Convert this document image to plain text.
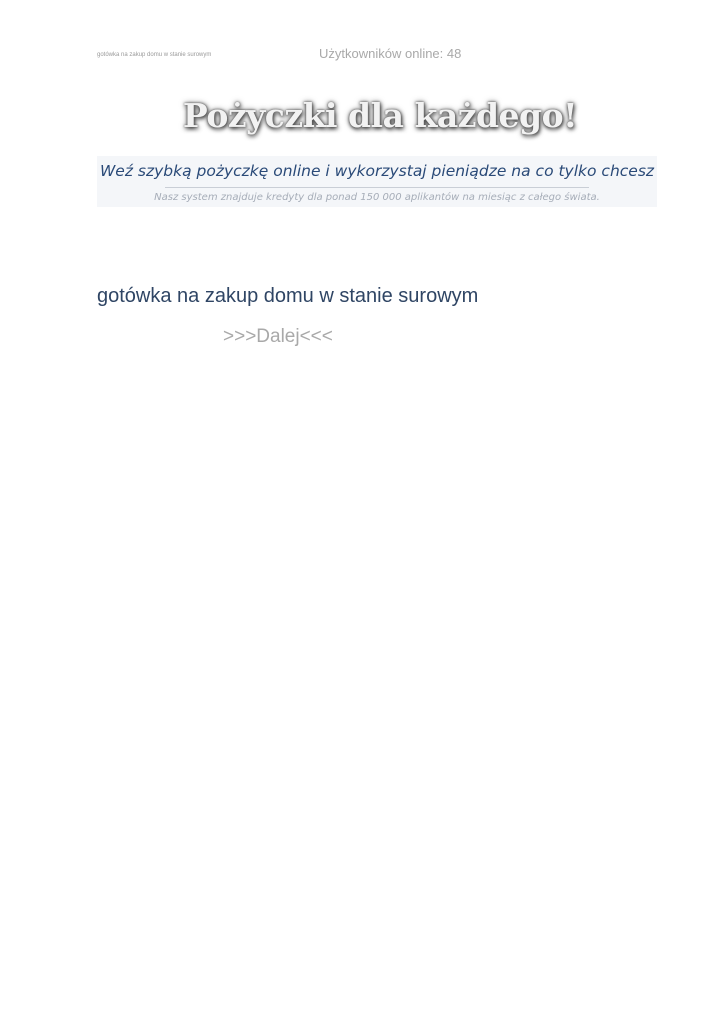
gotówka na zakup domu w stanie surowym	Użytkowników online: 48
Pożyczki dla każdego!
Weź szybką pożyczkę online i wykorzystaj pieniądze na co tylko chcesz
Nasz system znajduje kredyty dla ponad 150 000 aplikantów na miesiąc z całego świata.
gotówka na zakup domu w stanie surowym
>>>Dalej<<<
